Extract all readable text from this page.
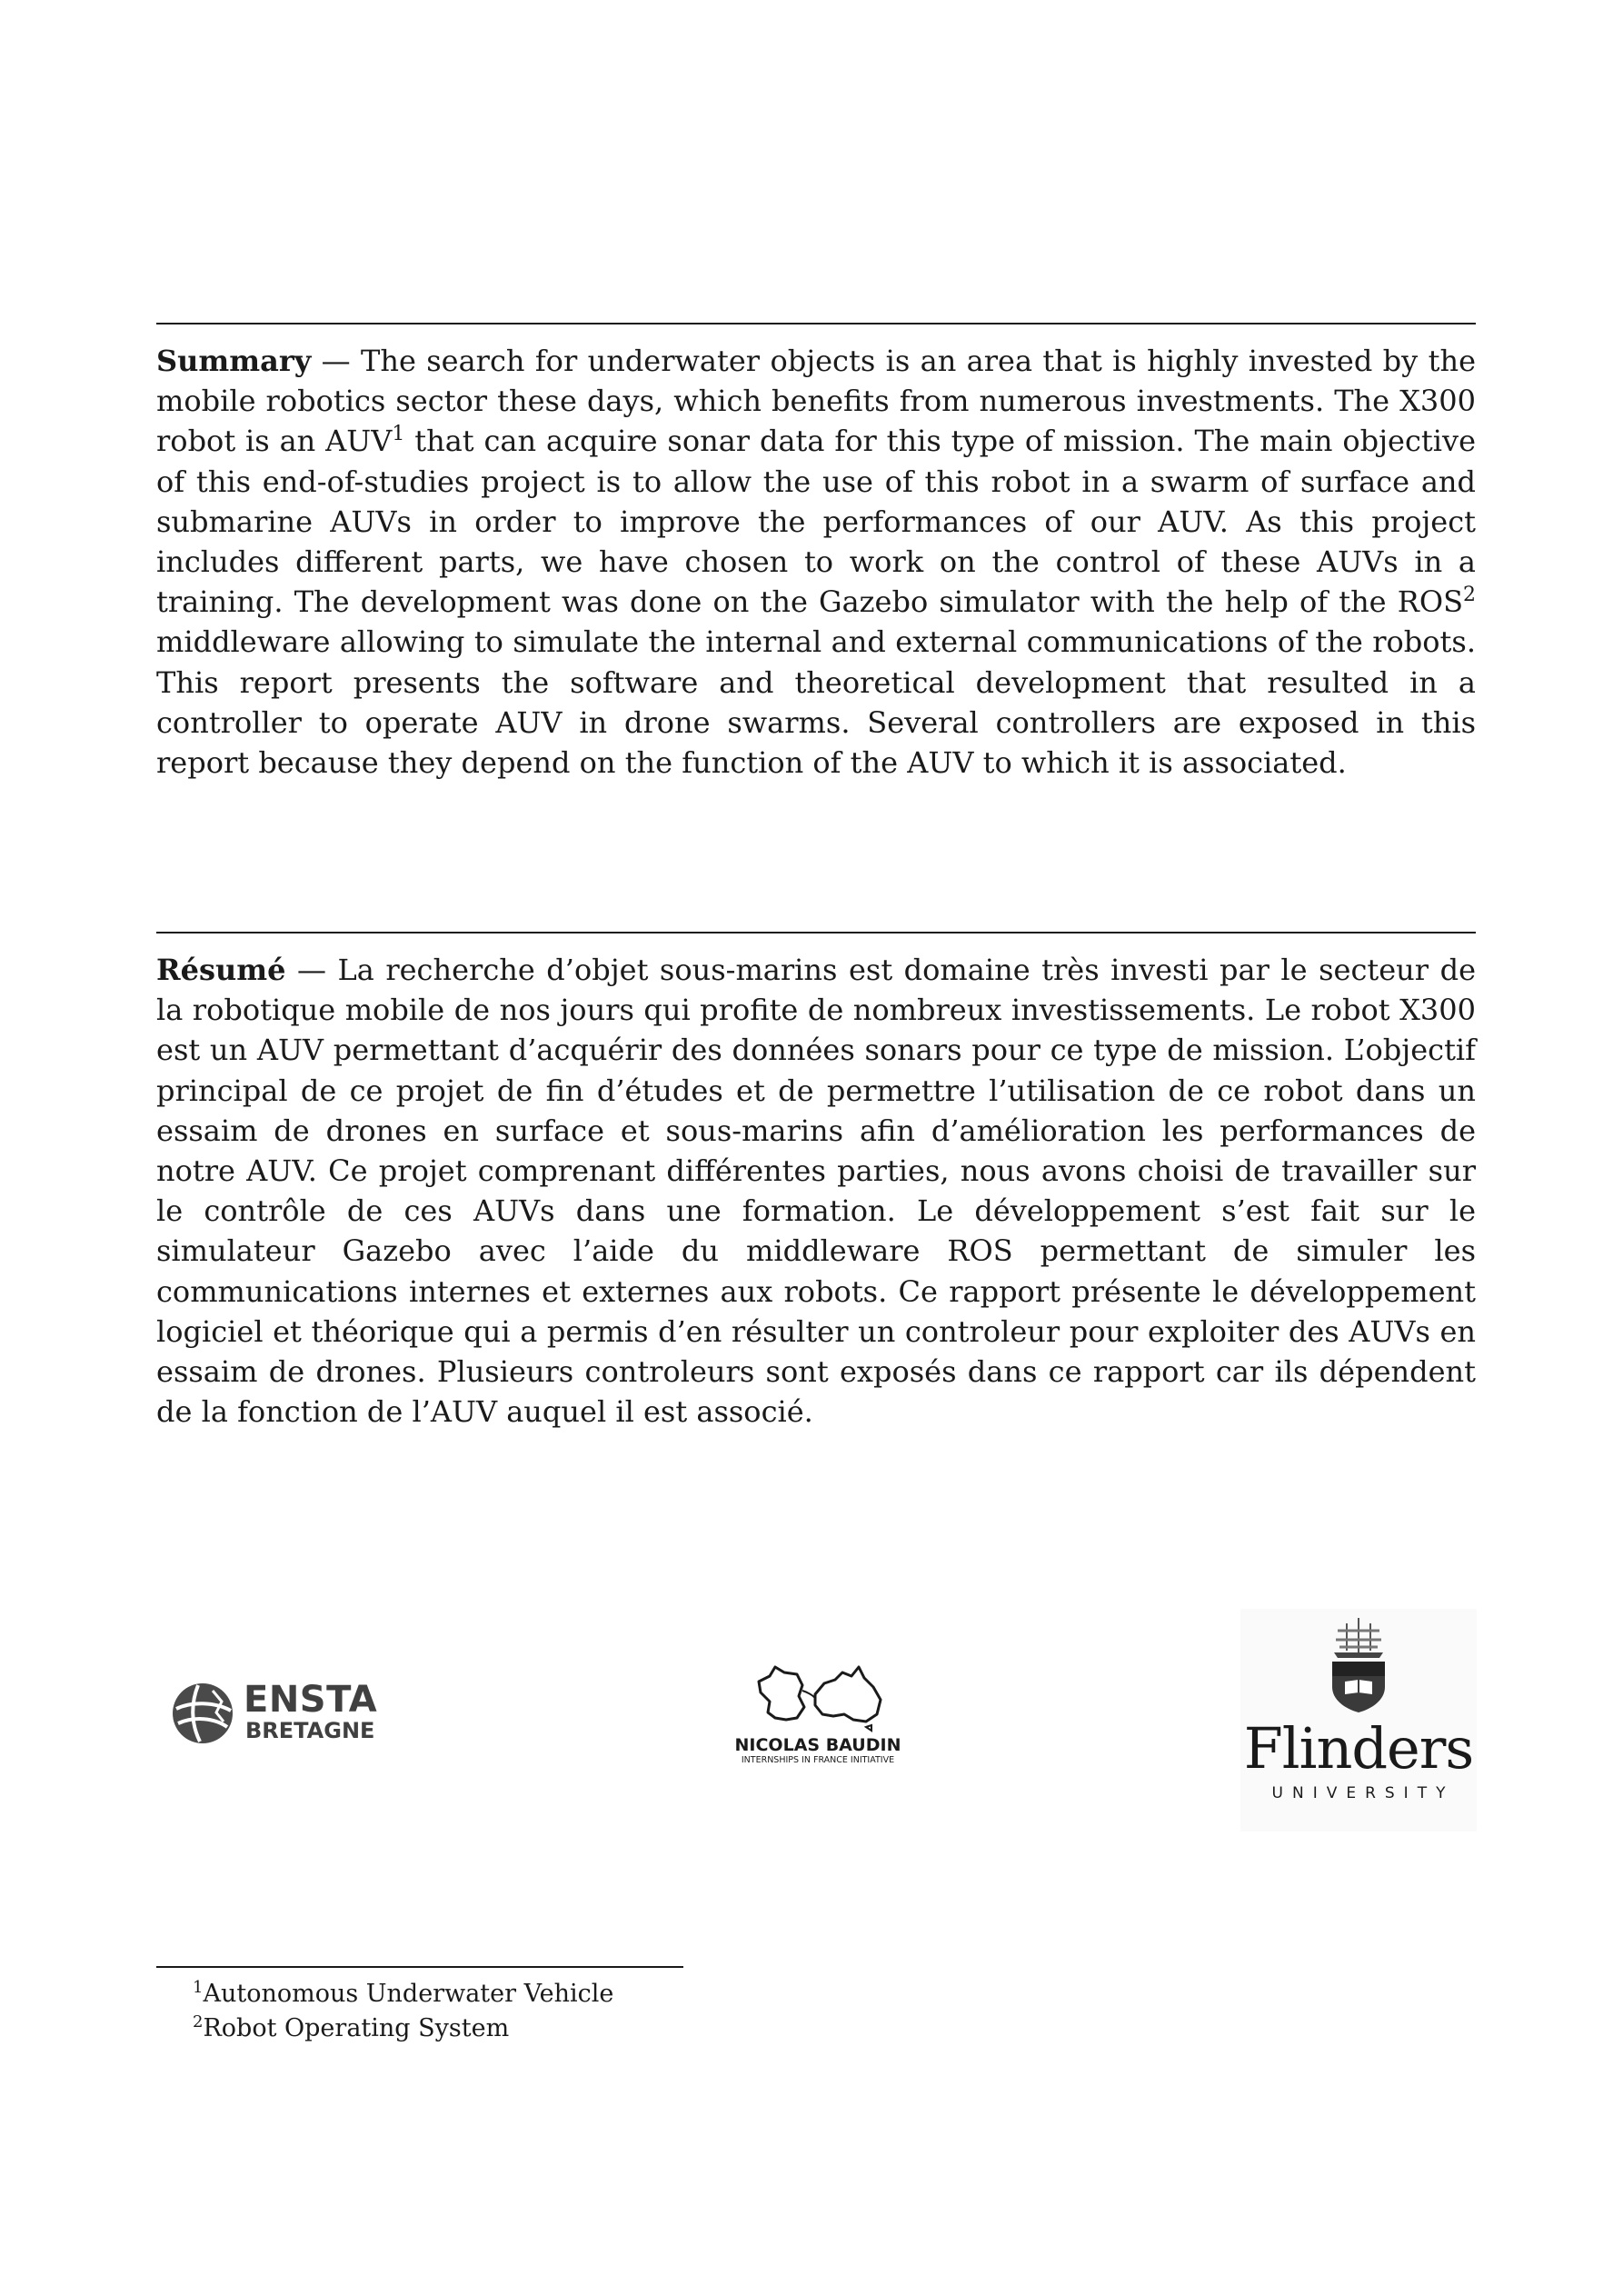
Summary — The search for underwater objects is an area that is highly invested by the mobile robotics sector these days, which benefits from numerous investments. The X300 robot is an AUV$^1$ that can acquire sonar data for this type of mission. The main objective of this end-of-studies project is to allow the use of this robot in a swarm of surface and submarine AUVs in order to improve the performances of our AUV. As this project includes different parts, we have chosen to work on the control of these AUVs in a training. The development was done on the Gazebo simulator with the help of the ROS$^2$ middleware allowing to simulate the internal and external communications of the robots. This report presents the software and theoretical development that resulted in a controller to operate AUV in drone swarms. Several controllers are exposed in this report because they depend on the function of the AUV to which it is associated.

Résumé — La recherche d’objet sous-marins est domaine très investi par le secteur de la robotique mobile de nos jours qui profite de nombreux investissements. Le robot X300 est un AUV permettant d’acquérir des données sonars pour ce type de mission. L’objectif principal de ce projet de fin d’études et de permettre l’utilisation de ce robot dans un essaim de drones en surface et sous-marins afin d’amélioration les performances de notre AUV. Ce projet comprenant différentes parties, nous avons choisi de travailler sur le contrôle de ces AUVs dans une formation. Le développement s’est fait sur le simulateur Gazebo avec l’aide du middleware ROS permettant de simuler les communications internes et externes aux robots. Ce rapport présente le développement logiciel et théorique qui a permis d’en résulter un controleur pour exploiter des AUVs en essaim de drones. Plusieurs controleurs sont exposés dans ce rapport car ils dépendent de la fonction de l’AUV auquel il est associé.

ENSTA
BRETAGNE
NICOLAS BAUDIN
INTERNSHIPS IN FRANCE INITIATIVE	Flinders
UNIVERSITY

$^1$Autonomous Underwater Vehicle

$^2$Robot Operating System
